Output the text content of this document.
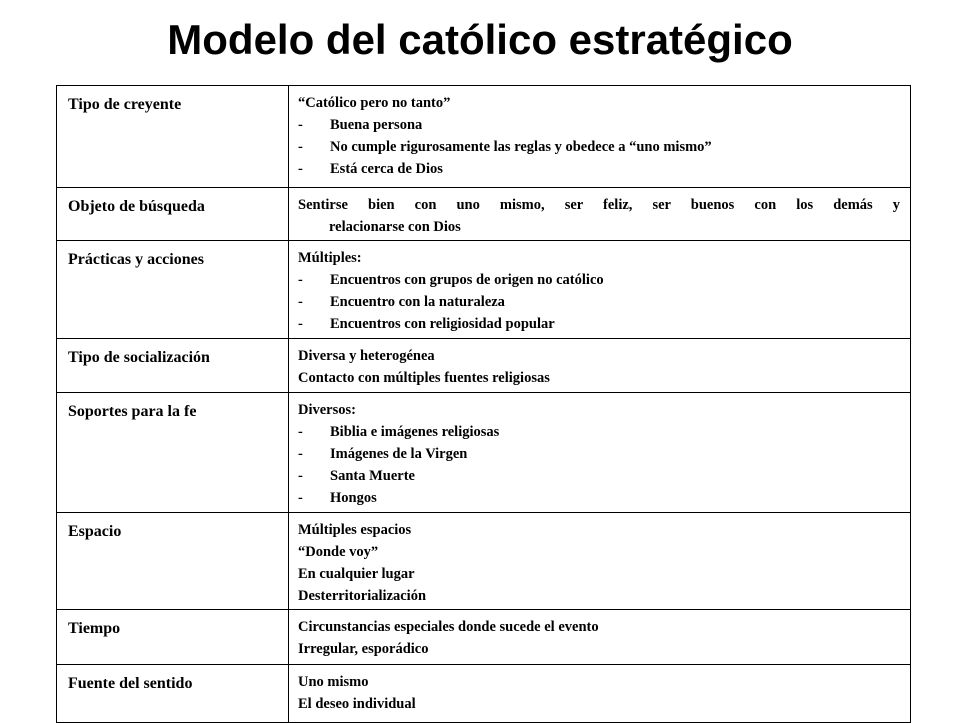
Modelo del católico estratégico
Tipo de creyente	“Católico pero no tanto”
- Buena persona
- No cumple rigurosamente las reglas y obedece a “uno mismo”
- Está cerca de Dios

Objeto de búsqueda	Sentirse bien con uno mismo, ser feliz, ser buenos con los demás y
relacionarse con Dios

Prácticas y acciones	Múltiples:
- Encuentros con grupos de origen no católico
- Encuentro con la naturaleza
- Encuentros con religiosidad popular

Tipo de socialización	Diversa y heterogénea
Contacto con múltiples fuentes religiosas

Soportes para la fe	Diversos:
- Biblia e imágenes religiosas
- Imágenes de la Virgen
- Santa Muerte
- Hongos

Espacio	Múltiples espacios
“Donde voy”
En cualquier lugar
Desterritorialización

Tiempo	Circunstancias especiales donde sucede el evento
Irregular, esporádico

Fuente del sentido	Uno mismo
El deseo individual
